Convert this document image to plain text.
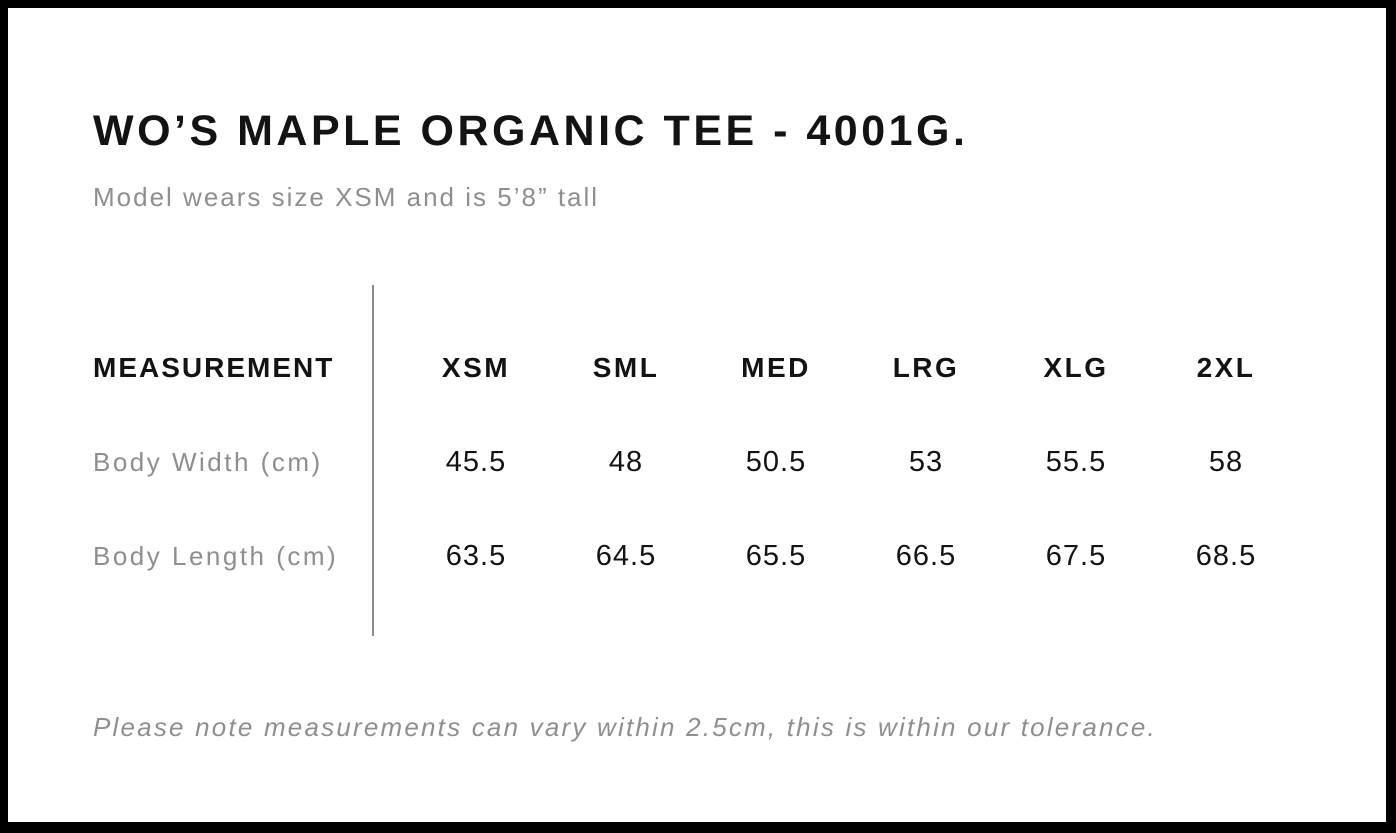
WO’S MAPLE ORGANIC TEE - 4001G.

Model wears size XSM and is 5’8” tall

MEASUREMENT	XSM	SML	MED	LRG	XLG	2XL
Body Width (cm)	45.5	48	50.5	53	55.5	58
Body Length (cm)	63.5	64.5	65.5	66.5	67.5	68.5

Please note measurements can vary within 2.5cm, this is within our tolerance.
